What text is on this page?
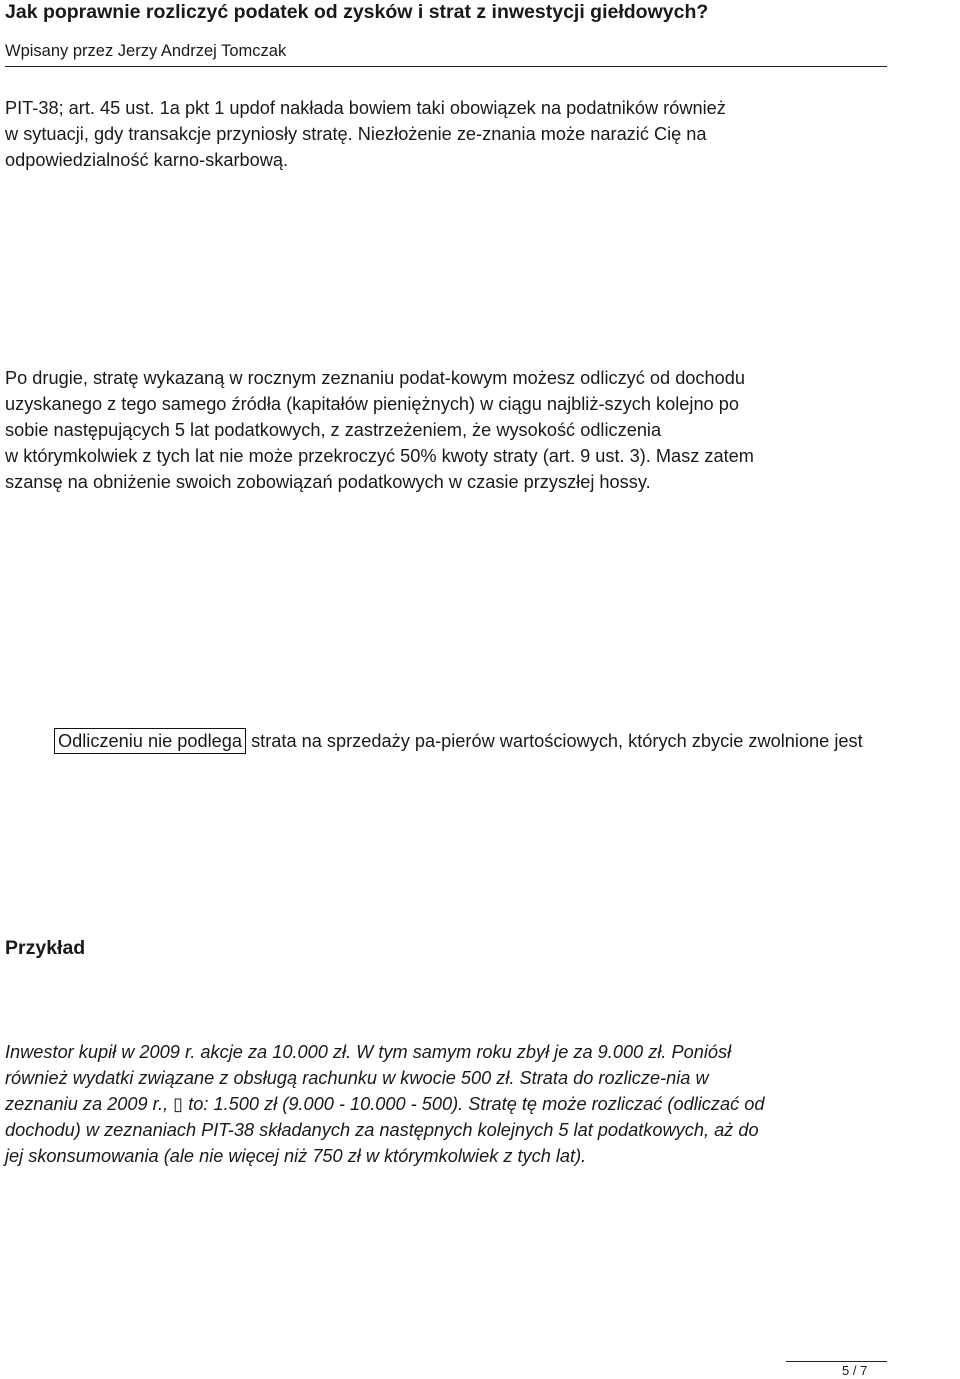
Jak poprawnie rozliczyć podatek od zysków i strat z inwestycji giełdowych?
Wpisany przez Jerzy Andrzej Tomczak

PIT-38; art. 45 ust. 1a pkt 1 updof nakłada bowiem taki obowiązek na podatników również
w sytuacji, gdy transakcje przyniosły stratę. Niezłożenie ze-znania może narazić Cię na
odpowiedzialność karno-skarbową.

Po drugie, stratę wykazaną w rocznym zeznaniu podat-kowym możesz odliczyć od dochodu
uzyskanego z tego samego źródła (kapitałów pieniężnych) w ciągu najbliż-szych kolejno po
sobie następujących 5 lat podatkowych, z zastrzeżeniem, że wysokość odliczenia
w którymkolwiek z tych lat nie może przekroczyć 50% kwoty straty (art. 9 ust. 3). Masz zatem
szansę na obniżenie swoich zobowiązań podatkowych w czasie przyszłej hossy.

Odliczeniu nie podlega strata na sprzedaży pa-pierów wartościowych, których zbycie zwolnione jest
Przykład

Inwestor kupił w 2009 r. akcje za 10.000 zł. W tym samym roku zbył je za 9.000 zł. Poniósł
również wydatki związane z obsługą rachunku w kwocie 500 zł. Strata do rozlicze-nia w
zeznaniu za 2009 r., ▯ to: 1.500 zł (9.000 - 10.000 - 500). Stratę tę może rozliczać (odliczać od
dochodu) w zeznaniach PIT-38 składanych za następnych kolejnych 5 lat podatkowych, aż do
jej skonsumowania (ale nie więcej niż 750 zł w którymkolwiek z tych lat).

5 / 7
